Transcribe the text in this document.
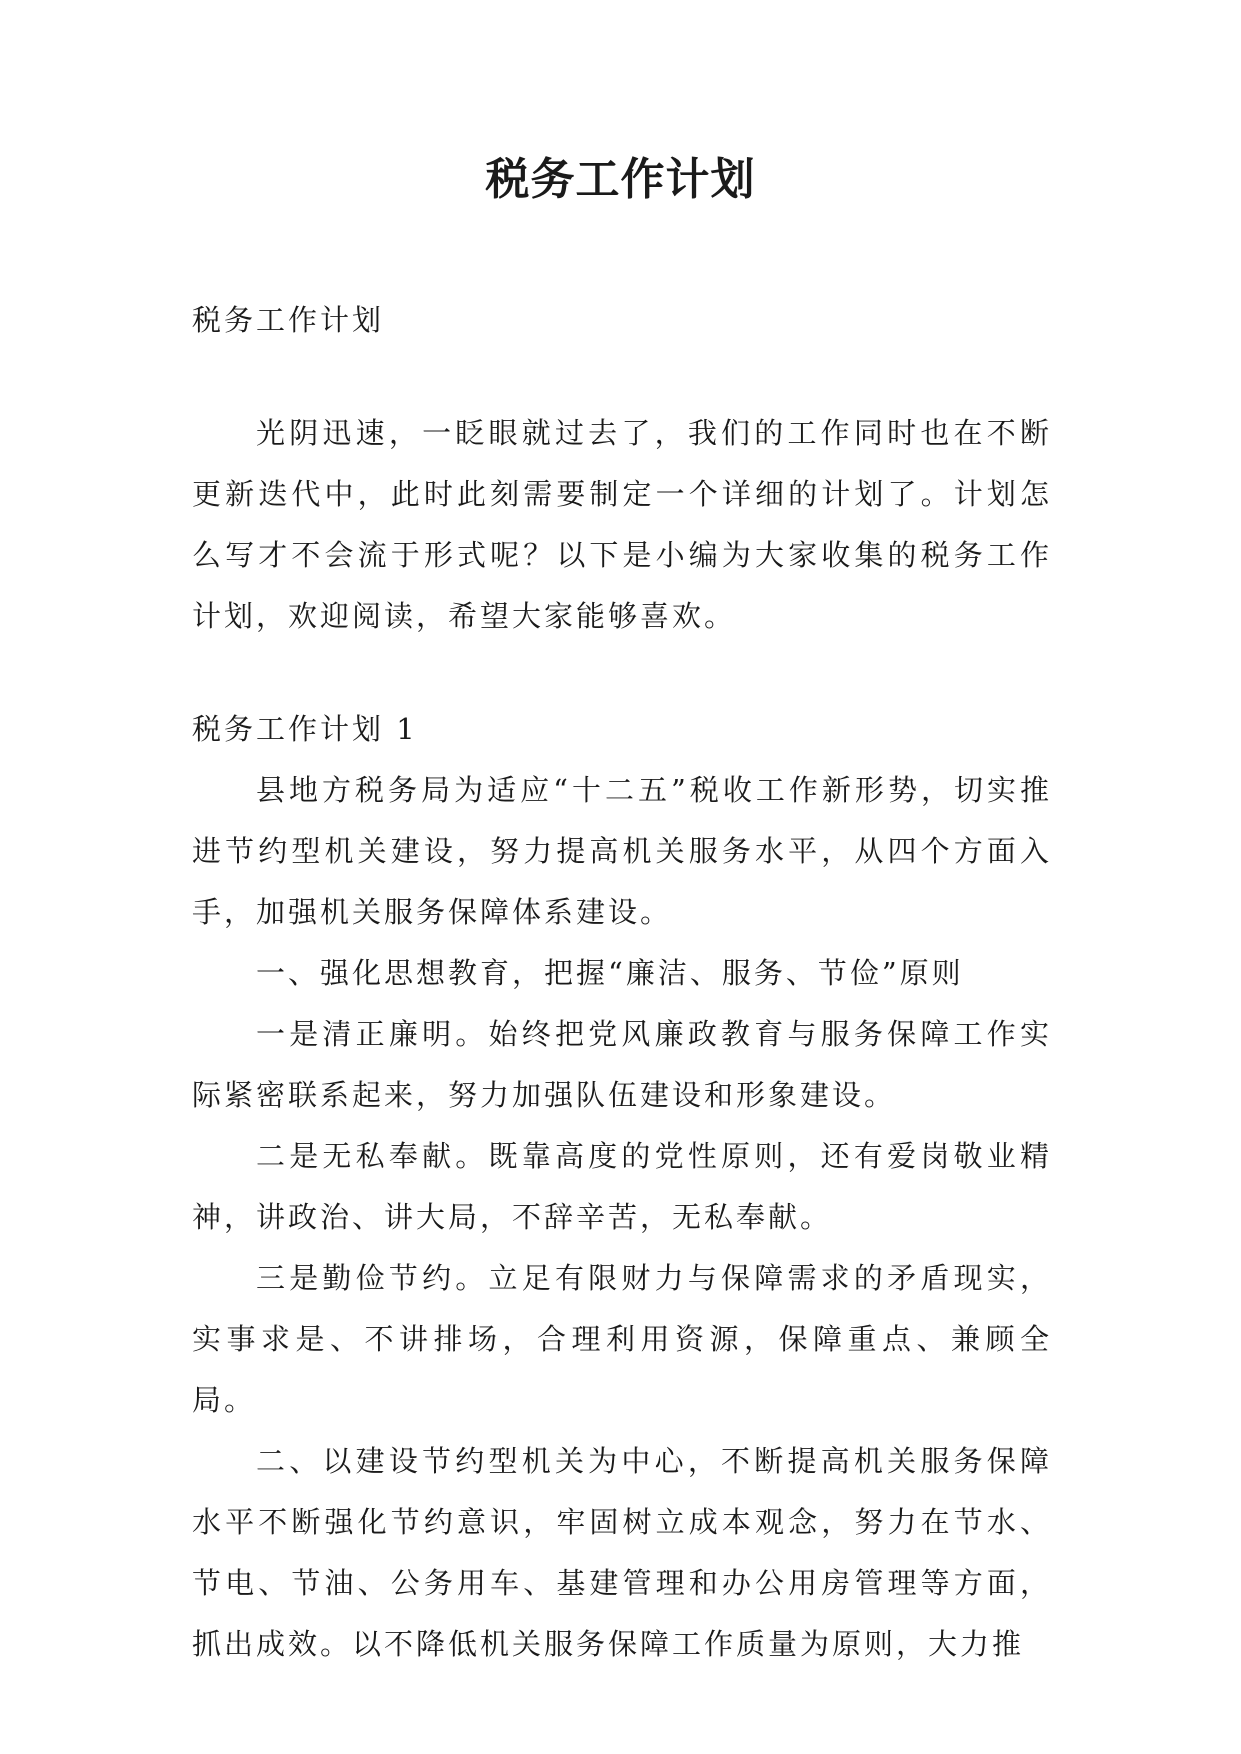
税务工作计划

税务工作计划

光阴迅速，一眨眼就过去了，我们的工作同时也在不断更新迭代中，此时此刻需要制定一个详细的计划了。计划怎么写才不会流于形式呢？以下是小编为大家收集的税务工作计划，欢迎阅读，希望大家能够喜欢。

税务工作计划 1

县地方税务局为适应“十二五”税收工作新形势，切实推进节约型机关建设，努力提高机关服务水平，从四个方面入手，加强机关服务保障体系建设。

一、强化思想教育，把握“廉洁、服务、节俭”原则

一是清正廉明。始终把党风廉政教育与服务保障工作实际紧密联系起来，努力加强队伍建设和形象建设。

二是无私奉献。既靠高度的党性原则，还有爱岗敬业精神，讲政治、讲大局，不辞辛苦，无私奉献。

三是勤俭节约。立足有限财力与保障需求的矛盾现实，实事求是、不讲排场，合理利用资源，保障重点、兼顾全局。

二、以建设节约型机关为中心，不断提高机关服务保障水平不断强化节约意识，牢固树立成本观念，努力在节水、节电、节油、公务用车、基建管理和办公用房管理等方面，抓出成效。以不降低机关服务保障工作质量为原则，大力推
